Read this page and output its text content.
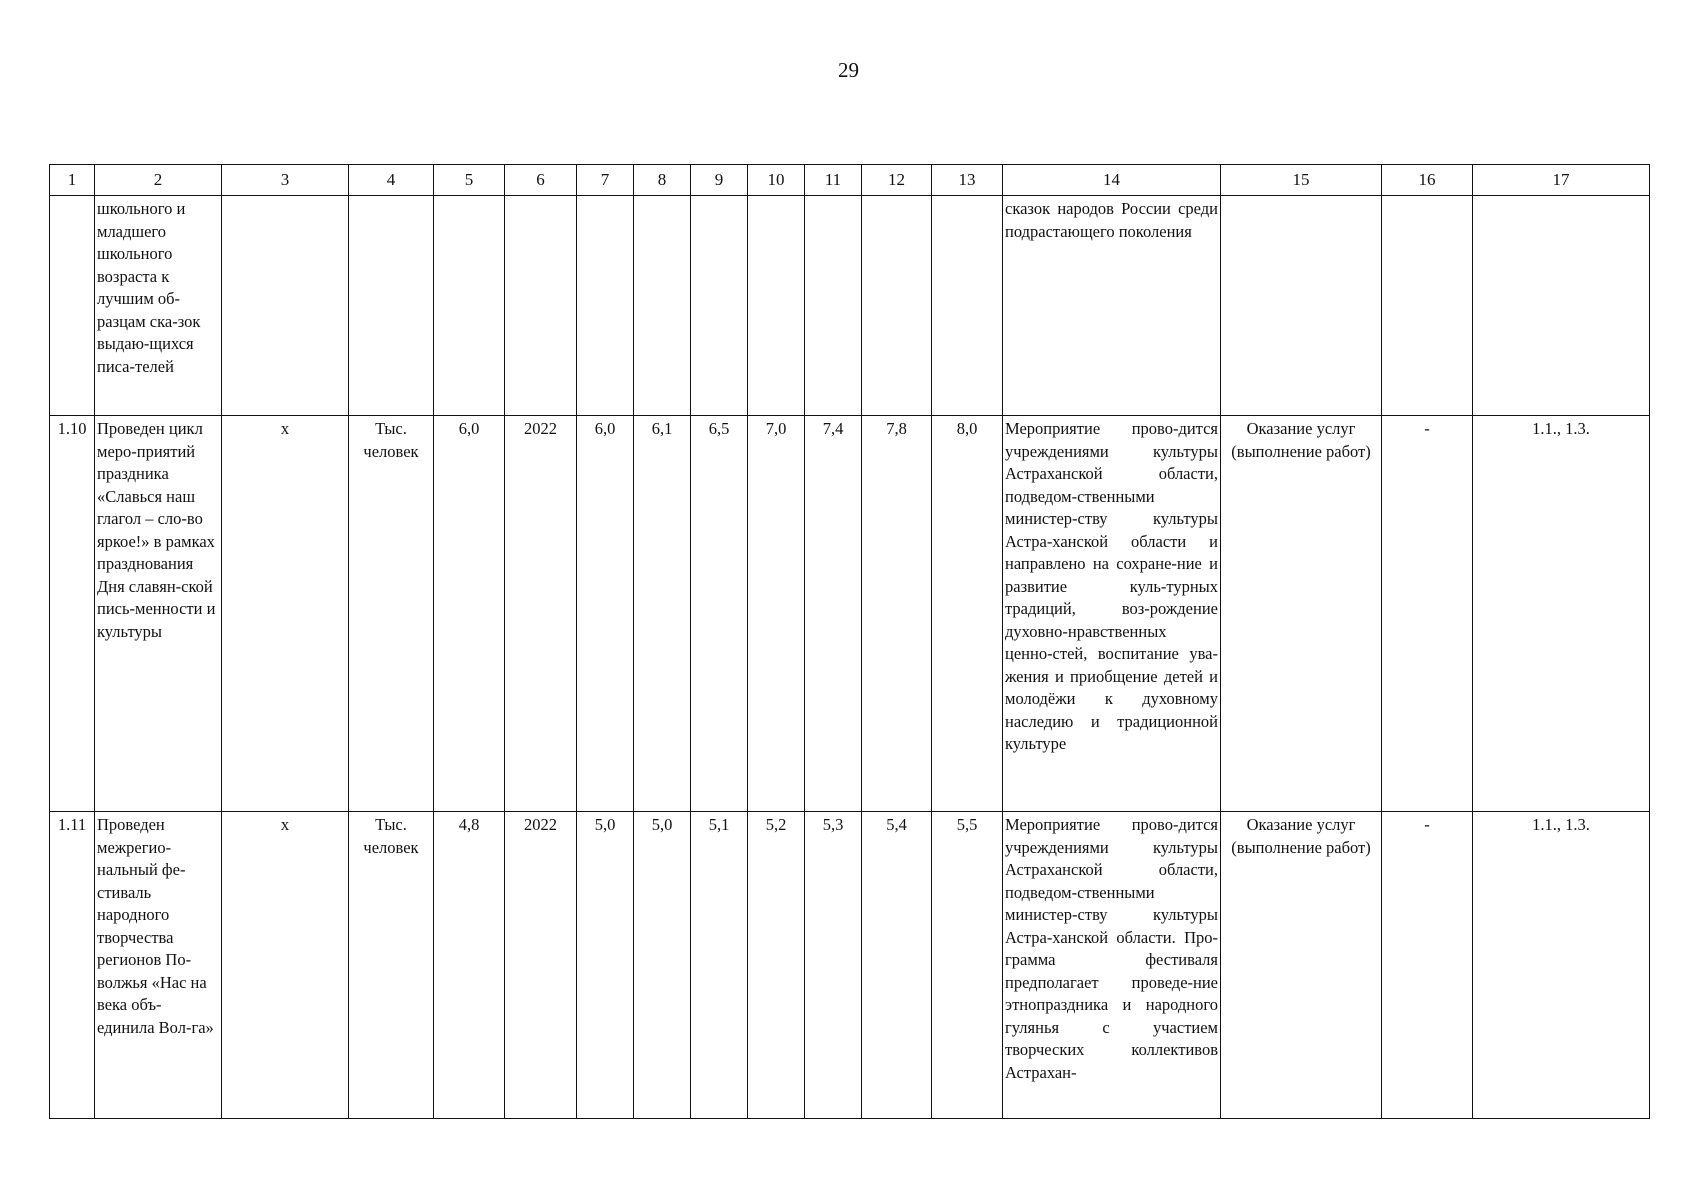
29
1	2	3	4	5	6	7	8	9	10	11	12	13	14	15	16	17
	школьного и младшего школьного возраста к лучшим об-разцам ска-зок выдаю-щихся писа-телей												сказок народов России среди подрастающего поколения			
1.10	Проведен цикл меро-приятий праздника «Славься наш глагол – сло-во яркое!» в рамках празднования Дня славян-ской пись-менности и культуры	х	Тыс. человек	6,0	2022	6,0	6,1	6,5	7,0	7,4	7,8	8,0	Мероприятие прово-дится учреждениями культуры Астраханской области, подведом-ственными министер-ству культуры Астра-ханской области и направлено на сохране-ние и развитие куль-турных традиций, воз-рождение духовно-нравственных ценно-стей, воспитание ува-жения и приобщение детей и молодёжи к духовному наследию и традиционной культуре	Оказание услуг (выполнение работ)	-	1.1., 1.3.
1.11	Проведен межрегио-нальный фе-стиваль народного творчества регионов По-волжья «Нас на века объ-единила Вол-га»	х	Тыс. человек	4,8	2022	5,0	5,0	5,1	5,2	5,3	5,4	5,5	Мероприятие прово-дится учреждениями культуры Астраханской области, подведом-ственными министер-ству культуры Астра-ханской области. Про-грамма фестиваля предполагает проведе-ние этнопраздника и народного гулянья с участием творческих коллективов Астрахан-	Оказание услуг (выполнение работ)	-	1.1., 1.3.
